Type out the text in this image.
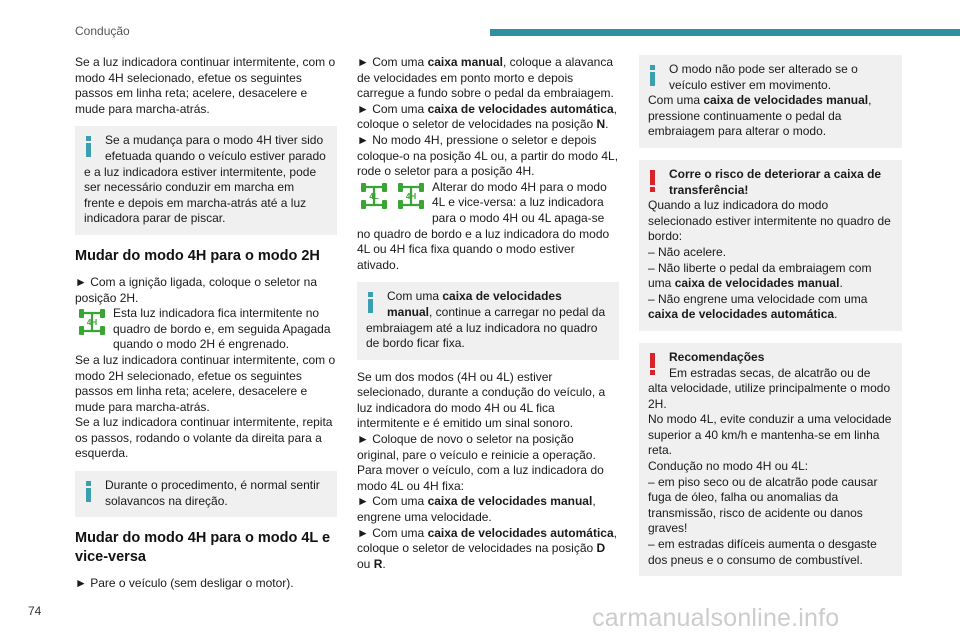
Condução

Se a luz indicadora continuar intermitente, com o modo 4H selecionado, efetue os seguintes passos em linha reta; acelere, desacelere e mude para marcha-atrás.

Se a mudança para o modo 4H tiver sido efetuada quando o veículo estiver parado e a luz indicadora estiver intermitente, pode ser necessário conduzir em marcha em frente e depois em marcha-atrás até a luz indicadora parar de piscar.

Mudar do modo 4H para o modo 2H

► Com a ignição ligada, coloque o seletor na posição 2H.

4H
Esta luz indicadora fica intermitente no quadro de bordo e, em seguida Apagada quando o modo 2H é engrenado.

Se a luz indicadora continuar intermitente, com o modo 2H selecionado, efetue os seguintes passos em linha reta; acelere, desacelere e mude para marcha-atrás.

Se a luz indicadora continuar intermitente, repita os passos, rodando o volante da direita para a esquerda.

Durante o procedimento, é normal sentir solavancos na direção.

Mudar do modo 4H para o modo 4L e vice-versa

► Pare o veículo (sem desligar o motor).

► Com uma caixa manual, coloque a alavanca de velocidades em ponto morto e depois carregue a fundo sobre o pedal da embraiagem.

► Com uma caixa de velocidades automática, coloque o seletor de velocidades na posição N.

► No modo 4H, pressione o seletor e depois coloque-o na posição 4L ou, a partir do modo 4L, rode o seletor para a posição 4H.

4L	4H
Alterar do modo 4H para o modo 4L e vice-versa: a luz indicadora para o modo 4H ou 4L apaga-se no quadro de bordo e a luz indicadora do modo 4L ou 4H fica fixa quando o modo estiver ativado.

Com uma caixa de velocidades manual, continue a carregar no pedal da embraiagem até a luz indicadora no quadro de bordo ficar fixa.

Se um dos modos (4H ou 4L) estiver selecionado, durante a condução do veículo, a luz indicadora do modo 4H ou 4L fica intermitente e é emitido um sinal sonoro.

► Coloque de novo o seletor na posição original, pare o veículo e reinicie a operação.

Para mover o veículo, com a luz indicadora do modo 4L ou 4H fixa:

► Com uma caixa de velocidades manual, engrene uma velocidade.

► Com uma caixa de velocidades automática, coloque o seletor de velocidades na posição D ou R.

O modo não pode ser alterado se o veículo estiver em movimento.

Com uma caixa de velocidades manual, pressione continuamente o pedal da embraiagem para alterar o modo.

Corre o risco de deteriorar a caixa de transferência!

Quando a luz indicadora do modo selecionado estiver intermitente no quadro de bordo:

– Não acelere.

– Não liberte o pedal da embraiagem com uma caixa de velocidades manual.

– Não engrene uma velocidade com uma caixa de velocidades automática.

Recomendações

Em estradas secas, de alcatrão ou de alta velocidade, utilize principalmente o modo 2H.

No modo 4L, evite conduzir a uma velocidade superior a 40 km/h e mantenha-se em linha reta.

Condução no modo 4H ou 4L:

– em piso seco ou de alcatrão pode causar fuga de óleo, falha ou anomalias da transmissão, risco de acidente ou danos graves!

– em estradas difíceis aumenta o desgaste dos pneus e o consumo de combustível.

74	carmanualsonline.info
